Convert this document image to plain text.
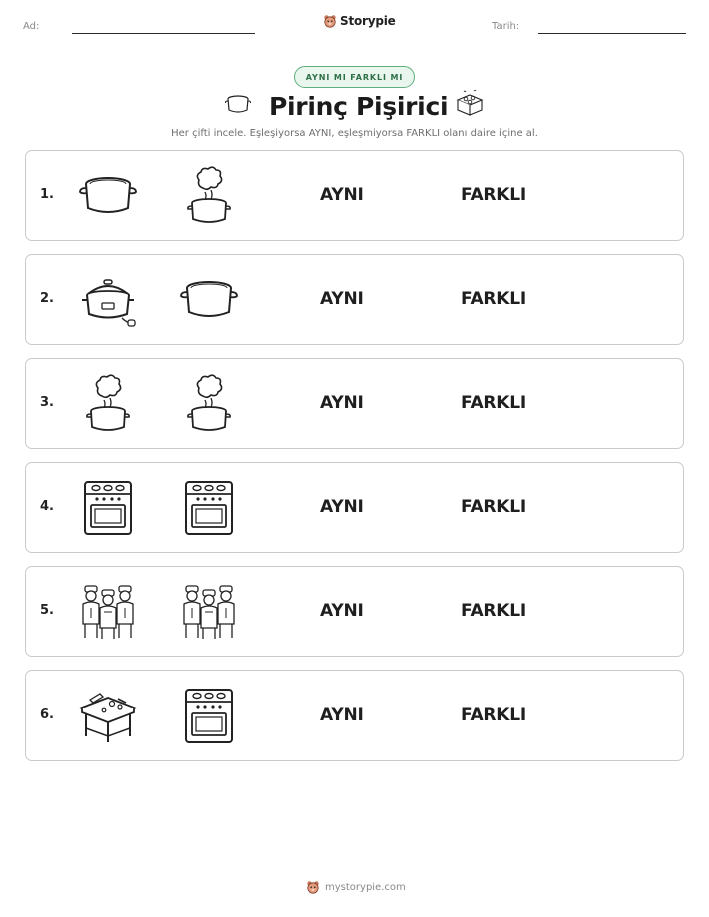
Ad:	Storypie	Tarih:
AYNI MI FARKLI MI
Pirinç Pişirici
Her çifti incele. Eşleşiyorsa AYNI, eşleşmiyorsa FARKLI olanı daire içine al.
1.	AYNI	FARKLI
2.	AYNI	FARKLI
3.	AYNI	FARKLI
4.	AYNI	FARKLI
5.	AYNI	FARKLI
6.	AYNI	FARKLI
mystorypie.com
